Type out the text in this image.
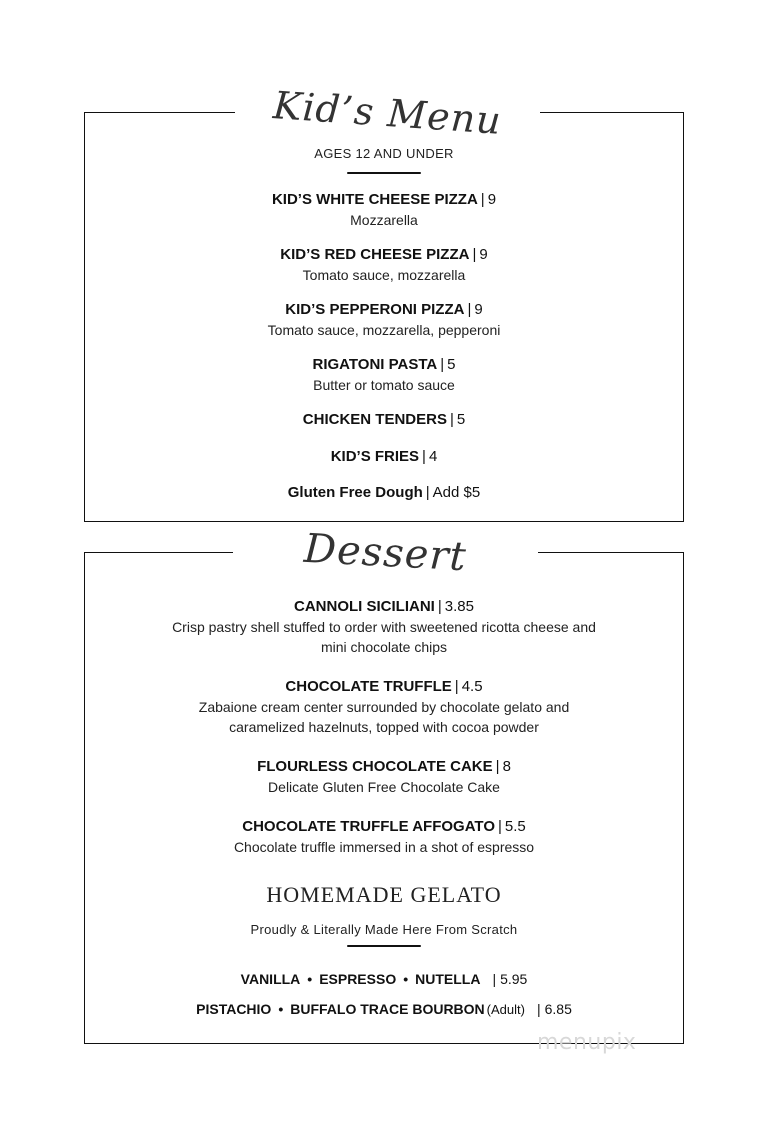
Kid’s Menu
AGES 12 AND UNDER
KID’S WHITE CHEESE PIZZA | 9
Mozzarella
KID’S RED CHEESE PIZZA | 9
Tomato sauce, mozzarella
KID’S PEPPERONI PIZZA | 9
Tomato sauce, mozzarella, pepperoni
RIGATONI PASTA | 5
Butter or tomato sauce
CHICKEN TENDERS | 5
KID’S FRIES | 4
Gluten Free Dough | Add $5
Dessert
CANNOLI SICILIANI | 3.85
Crisp pastry shell stuffed to order with sweetened ricotta cheese and
mini chocolate chips
CHOCOLATE TRUFFLE | 4.5
Zabaione cream center surrounded by chocolate gelato and
caramelized hazelnuts, topped with cocoa powder
FLOURLESS CHOCOLATE CAKE | 8
Delicate Gluten Free Chocolate Cake
CHOCOLATE TRUFFLE AFFOGATO | 5.5
Chocolate truffle immersed in a shot of espresso
HOMEMADE GELATO
Proudly & Literally Made Here From Scratch
VANILLA • ESPRESSO • NUTELLA | 5.95
PISTACHIO • BUFFALO TRACE BOURBON (Adult) | 6.85
menupix
